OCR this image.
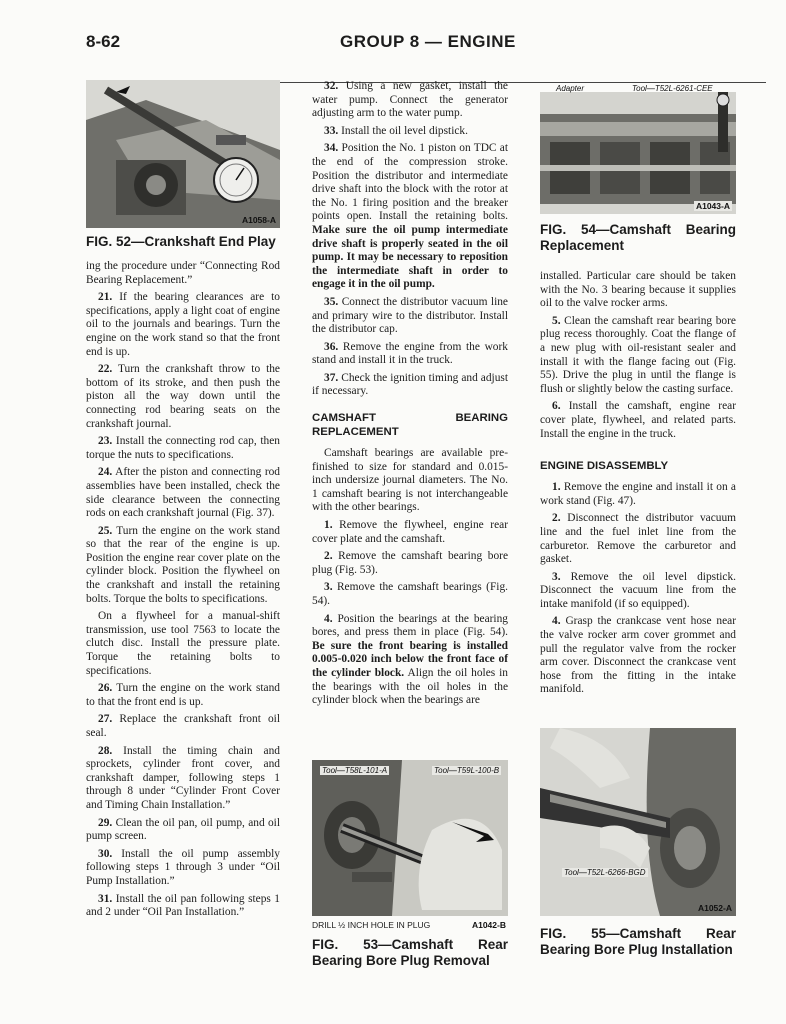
8-62	GROUP 8 — ENGINE
A1058-A
FIG. 52—Crankshaft End Play

ing the procedure under “Connecting Rod Bearing Replacement.”

21. If the bearing clearances are to specifications, apply a light coat of engine oil to the journals and bearings. Turn the engine on the work stand so that the front end is up.

22. Turn the crankshaft throw to the bottom of its stroke, and then push the piston all the way down until the connecting rod bearing seats on the crankshaft journal.

23. Install the connecting rod cap, then torque the nuts to specifications.

24. After the piston and connecting rod assemblies have been installed, check the side clearance between the connecting rods on each crankshaft journal (Fig. 37).

25. Turn the engine on the work stand so that the rear of the engine is up. Position the engine rear cover plate on the cylinder block. Position the flywheel on the crankshaft and install the retaining bolts. Torque the bolts to specifications.

On a flywheel for a manual-shift transmission, use tool 7563 to locate the clutch disc. Install the pressure plate. Torque the retaining bolts to specifications.

26. Turn the engine on the work stand to that the front end is up.

27. Replace the crankshaft front oil seal.

28. Install the timing chain and sprockets, cylinder front cover, and crankshaft damper, following steps 1 through 8 under “Cylinder Front Cover and Timing Chain Installation.”

29. Clean the oil pan, oil pump, and oil pump screen.

30. Install the oil pump assembly following steps 1 through 3 under “Oil Pump Installation.”

31. Install the oil pan following steps 1 and 2 under “Oil Pan Installation.”

32. Using a new gasket, install the water pump. Connect the generator adjusting arm to the water pump.

33. Install the oil level dipstick.

34. Position the No. 1 piston on TDC at the end of the compression stroke. Position the distributor and intermediate drive shaft into the block with the rotor at the No. 1 firing position and the breaker points open. Install the retaining bolts. Make sure the oil pump intermediate drive shaft is properly seated in the oil pump. It may be necessary to reposition the intermediate shaft in order to engage it in the oil pump.

35. Connect the distributor vacuum line and primary wire to the distributor. Install the distributor cap.

36. Remove the engine from the work stand and install it in the truck.

37. Check the ignition timing and adjust if necessary.

CAMSHAFT BEARING REPLACEMENT

Camshaft bearings are available pre-finished to size for standard and 0.015-inch undersize journal diameters. The No. 1 camshaft bearing is not interchangeable with the other bearings.

1. Remove the flywheel, engine rear cover plate and the camshaft.

2. Remove the camshaft bearing bore plug (Fig. 53).

3. Remove the camshaft bearings (Fig. 54).

4. Position the bearings at the bearing bores, and press them in place (Fig. 54). Be sure the front bearing is installed 0.005-0.020 inch below the front face of the cylinder block. Align the oil holes in the bearings with the oil holes in the cylinder block when the bearings are

Tool—T58L-101-A	Tool—T59L-100-B
DRILL ½ INCH HOLE IN PLUG	A1042-B
FIG. 53—Camshaft Rear Bearing Bore Plug Removal
A1043-A
Adapter	Tool—T52L-6261-CEE
FIG. 54—Camshaft Bearing Replacement

installed. Particular care should be taken with the No. 3 bearing because it supplies oil to the valve rocker arms.

5. Clean the camshaft rear bearing bore plug recess thoroughly. Coat the flange of a new plug with oil-resistant sealer and install it with the flange facing out (Fig. 55). Drive the plug in until the flange is flush or slightly below the casting surface.

6. Install the camshaft, engine rear cover plate, flywheel, and related parts. Install the engine in the truck.

ENGINE DISASSEMBLY

1. Remove the engine and install it on a work stand (Fig. 47).

2. Disconnect the distributor vacuum line and the fuel inlet line from the carburetor. Remove the carburetor and gasket.

3. Remove the oil level dipstick. Disconnect the vacuum line from the intake manifold (if so equipped).

4. Grasp the crankcase vent hose near the valve rocker arm cover grommet and pull the regulator valve from the rocker arm cover. Disconnect the crankcase vent hose from the fitting in the intake manifold.

Tool—T52L-6266-BGD
A1052-A
FIG. 55—Camshaft Rear Bearing Bore Plug Installation
